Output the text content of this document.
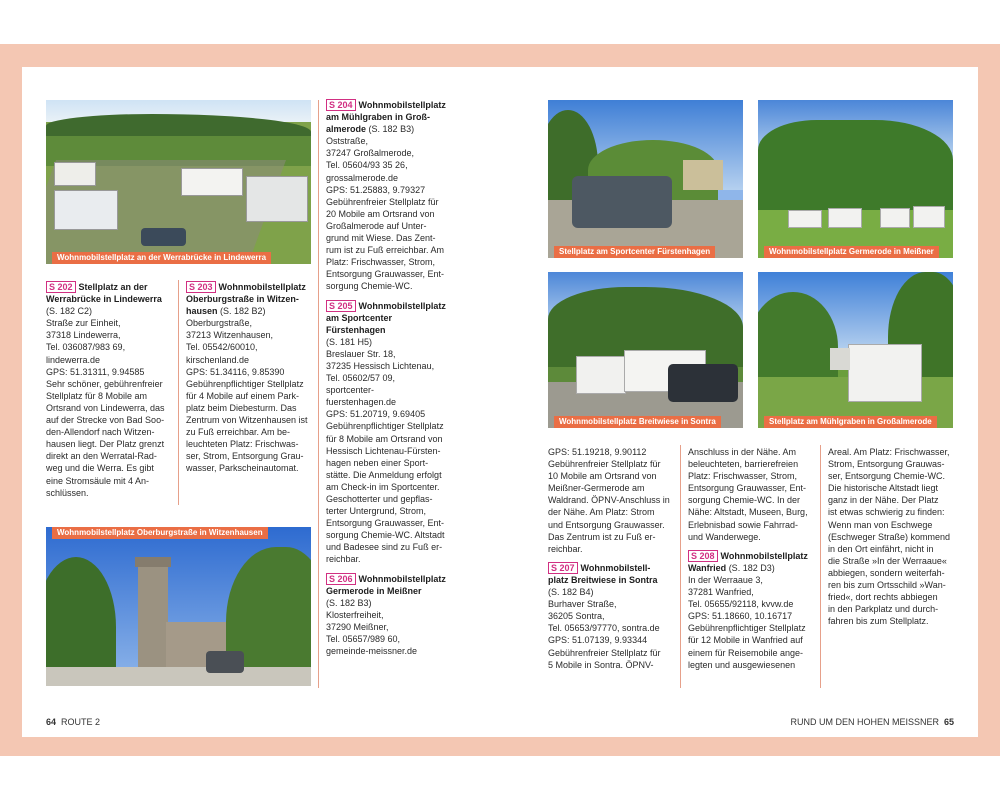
Wohnmobilstellplatz an der Werrabrücke in Lindewerra
Wohnmobilstellplatz Oberburgstraße in Witzenhausen
Stellplatz am Sportcenter Fürstenhagen	Wohnmobilstellplatz Germerode in Meißner
Wohnmobilstellplatz Breitwiese in Sontra	Stellplatz am Mühlgraben in Großalmerode
S 202 Stellplatz an der
Werrabrücke in Lindewerra
(S. 182 C2)
Straße zur Einheit,
37318 Lindewerra,
Tel. 036087/983 69,
lindewerra.de
GPS: 51.31311, 9.94585
Sehr schöner, gebührenfreier
Stellplatz für 8 Mobile am
Ortsrand von Lindewerra, das
auf der Strecke von Bad Soo-
den-Allendorf nach Witzen-
hausen liegt. Der Platz grenzt
direkt an den Werratal-Rad-
weg und die Werra. Es gibt
eine Stromsäule mit 4 An-
schlüssen.
S 203 Wohnmobilstellplatz
Oberburgstraße in Witzen-
hausen (S. 182 B2)
Oberburgstraße,
37213 Witzenhausen,
Tel. 05542/60010,
kirschenland.de
GPS: 51.34116, 9.85390
Gebührenpflichtiger Stellplatz
für 4 Mobile auf einem Park-
platz beim Diebesturm. Das
Zentrum von Witzenhausen ist
zu Fuß erreichbar. Am be-
leuchteten Platz: Frischwas-
ser, Strom, Entsorgung Grau-
wasser, Parkscheinautomat.
S 204 Wohnmobilstellplatz
am Mühlgraben in Groß-
almerode (S. 182 B3)
Oststraße,
37247 Großalmerode,
Tel. 05604/93 35 26,
grossalmerode.de
GPS: 51.25883, 9.79327
Gebührenfreier Stellplatz für
20 Mobile am Ortsrand von
Großalmerode auf Unter-
grund mit Wiese. Das Zent-
rum ist zu Fuß erreichbar. Am
Platz: Frischwasser, Strom,
Entsorgung Grauwasser, Ent-
sorgung Chemie-WC.
S 205 Wohnmobilstellplatz
am Sportcenter Fürstenhagen
(S. 181 H5)
Breslauer Str. 18,
37235 Hessisch Lichtenau,
Tel. 05602/57 09,
sportcenter-
fuerstenhagen.de
GPS: 51.20719, 9.69405
Gebührenpflichtiger Stellplatz
für 8 Mobile am Ortsrand von
Hessisch Lichtenau-Fürsten-
hagen neben einer Sport-
stätte. Die Anmeldung erfolgt
am Check-in im Sportcenter.
Geschotterter und gepflas-
terter Untergrund, Strom,
Entsorgung Grauwasser, Ent-
sorgung Chemie-WC. Altstadt
und Badesee sind zu Fuß er-
reichbar.
S 206 Wohnmobilstellplatz
Germerode in Meißner
(S. 182 B3)
Klosterfreiheit,
37290 Meißner,
Tel. 05657/989 60,
gemeinde-meissner.de
GPS: 51.19218, 9.90112
Gebührenfreier Stellplatz für
10 Mobile am Ortsrand von
Meißner-Germerode am
Waldrand. ÖPNV-Anschluss in
der Nähe. Am Platz: Strom
und Entsorgung Grauwasser.
Das Zentrum ist zu Fuß er-
reichbar.
S 207 Wohnmobilstell-
platz Breitwiese in Sontra
(S. 182 B4)
Burhaver Straße,
36205 Sontra,
Tel. 05653/97770, sontra.de
GPS: 51.07139, 9.93344
Gebührenfreier Stellplatz für
5 Mobile in Sontra. ÖPNV-
Anschluss in der Nähe. Am
beleuchteten, barrierefreien
Platz: Frischwasser, Strom,
Entsorgung Grauwasser, Ent-
sorgung Chemie-WC. In der
Nähe: Altstadt, Museen, Burg,
Erlebnisbad sowie Fahrrad-
und Wanderwege.
S 208 Wohnmobilstellplatz
Wanfried (S. 182 D3)
In der Werraaue 3,
37281 Wanfried,
Tel. 05655/92118, kvvw.de
GPS: 51.18660, 10.16717
Gebührenpflichtiger Stellplatz
für 12 Mobile in Wanfried auf
einem für Reisemobile ange-
legten und ausgewiesenen
Areal. Am Platz: Frischwasser,
Strom, Entsorgung Grauwas-
ser, Entsorgung Chemie-WC.
Die historische Altstadt liegt
ganz in der Nähe. Der Platz
ist etwas schwierig zu finden:
Wenn man von Eschwege
(Eschweger Straße) kommend
in den Ort einfährt, nicht in
die Straße »In der Werraaue«
abbiegen, sondern weiterfah-
ren bis zum Ortsschild »Wan-
fried«, dort rechts abbiegen
in den Parkplatz und durch-
fahren bis zum Stellplatz.
64 ROUTE 2	RUND UM DEN HOHEN MEISSNER 65
